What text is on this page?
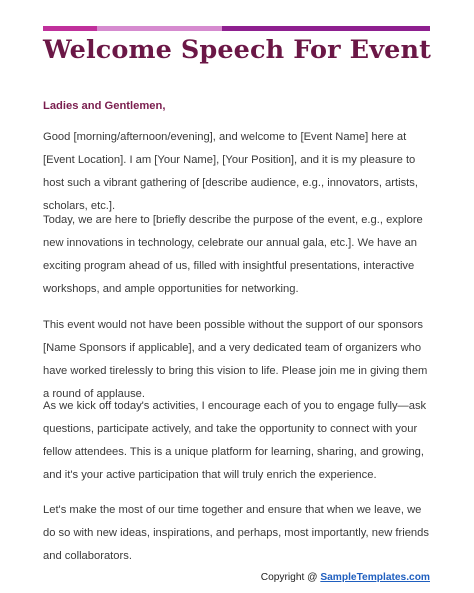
Welcome Speech For Event

Ladies and Gentlemen,

Good [morning/afternoon/evening], and welcome to [Event Name] here at [Event Location]. I am [Your Name], [Your Position], and it is my pleasure to host such a vibrant gathering of [describe audience, e.g., innovators, artists, scholars, etc.].

Today, we are here to [briefly describe the purpose of the event, e.g., explore new innovations in technology, celebrate our annual gala, etc.]. We have an exciting program ahead of us, filled with insightful presentations, interactive workshops, and ample opportunities for networking.

This event would not have been possible without the support of our sponsors [Name Sponsors if applicable], and a very dedicated team of organizers who have worked tirelessly to bring this vision to life. Please join me in giving them a round of applause.

As we kick off today's activities, I encourage each of you to engage fully—ask questions, participate actively, and take the opportunity to connect with your fellow attendees. This is a unique platform for learning, sharing, and growing, and it's your active participation that will truly enrich the experience.

Let's make the most of our time together and ensure that when we leave, we do so with new ideas, inspirations, and perhaps, most importantly, new friends and collaborators.

Copyright @ SampleTemplates.com
